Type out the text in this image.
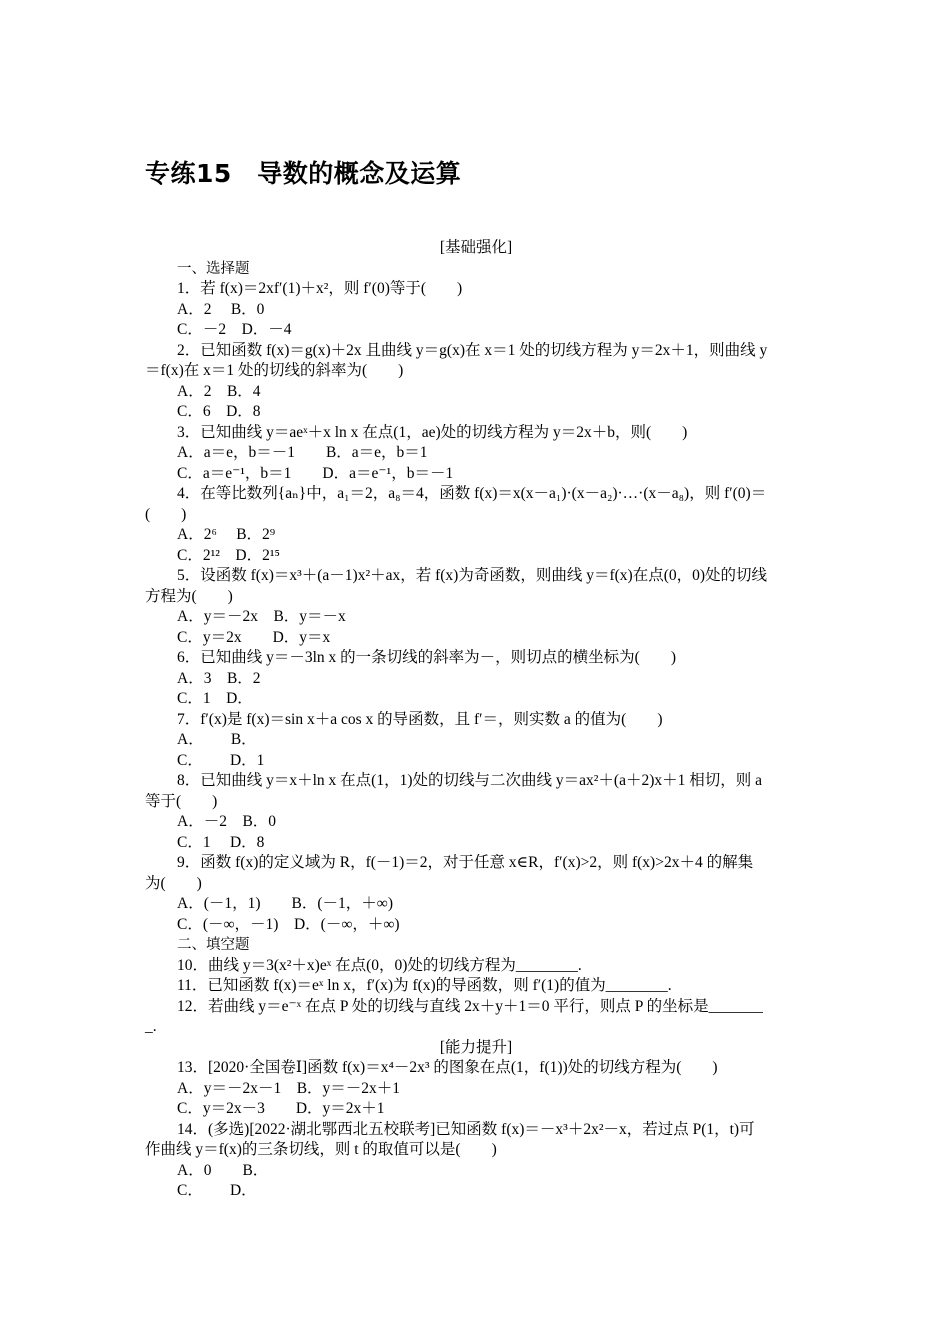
专练15　导数的概念及运算
[基础强化]
一、选择题
1．若 f(x)＝2xf′(1)＋x²，则 f′(0)等于(　　)
A．2　 B．0
C．－2　D．－4
2．已知函数 f(x)＝g(x)＋2x 且曲线 y＝g(x)在 x＝1 处的切线方程为 y＝2x＋1，则曲线 y
＝f(x)在 x＝1 处的切线的斜率为(　　)
A．2　B．4
C．6　D．8
3．已知曲线 y＝aeˣ＋x ln x 在点(1，ae)处的切线方程为 y＝2x＋b，则(　　)
A．a＝e，b＝－1　　B．a＝e，b＝1
C．a＝e⁻¹，b＝1　　D．a＝e⁻¹，b＝－1
4．在等比数列{aₙ}中，a₁＝2，a₈＝4，函数 f(x)＝x(x－a₁)·(x－a₂)·…·(x－a₈)，则 f′(0)＝
(　　)
A．2⁶　 B．2⁹
C．2¹²　D．2¹⁵
5．设函数 f(x)＝x³＋(a－1)x²＋ax，若 f(x)为奇函数，则曲线 y＝f(x)在点(0，0)处的切线
方程为(　　)
A．y＝－2x　B．y＝－x
C．y＝2x　　D．y＝x
6．已知曲线 y＝－3ln x 的一条切线的斜率为－，则切点的横坐标为(　　)
A．3　B．2
C．1　D．
7．f′(x)是 f(x)＝sin x＋a cos x 的导函数，且 f′＝，则实数 a 的值为(　　)
A．　　 B．
C．　　 D．1
8．已知曲线 y＝x＋ln x 在点(1，1)处的切线与二次曲线 y＝ax²＋(a＋2)x＋1 相切，则 a
等于(　　)
A．－2　B．0
C．1　 D．8
9．函数 f(x)的定义域为 R，f(－1)＝2，对于任意 x∈R，f′(x)>2，则 f(x)>2x＋4 的解集
为(　　)
A．(－1，1)　　B．(－1，＋∞)
C．(－∞，－1)　D．(－∞，＋∞)
二、填空题
10．曲线 y＝3(x²＋x)eˣ 在点(0，0)处的切线方程为________.
11．已知函数 f(x)＝eˣ ln x，f′(x)为 f(x)的导函数，则 f′(1)的值为________.
12．若曲线 y＝e⁻ˣ 在点 P 处的切线与直线 2x＋y＋1＝0 平行，则点 P 的坐标是_______
_.
[能力提升]
13．[2020·全国卷Ⅰ]函数 f(x)＝x⁴－2x³ 的图象在点(1，f(1))处的切线方程为(　　)
A．y＝－2x－1　B．y＝－2x＋1
C．y＝2x－3　　D．y＝2x＋1
14．(多选)[2022·湖北鄂西北五校联考]已知函数 f(x)＝－x³＋2x²－x，若过点 P(1，t)可
作曲线 y＝f(x)的三条切线，则 t 的取值可以是(　　)
A．0　　B．
C．　　 D．
